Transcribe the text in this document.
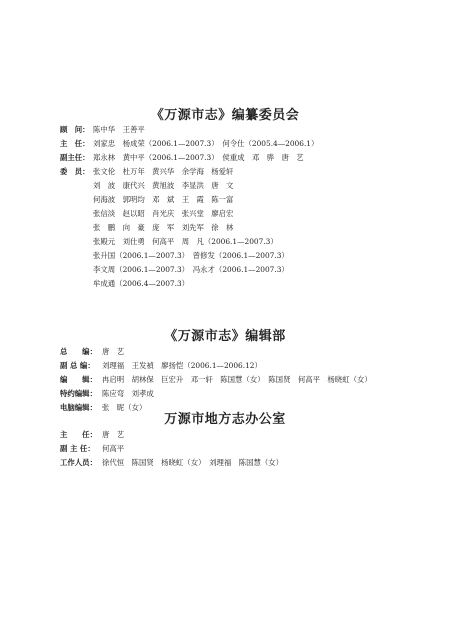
《万源市志》编纂委员会
顾　问： 陈中华　王善平
主　任： 刘家忠　杨成荣（2006.1—2007.3）　何令仕（2005.4—2006.1）
副主任： 郑永林　黄中平（2006.1—2007.3）　侯重成　邓　骅　唐　艺
委　员： 张文伦　杜万年　黄兴华　余学海　杨爱轩
刘　波　康代兴　黄旭波　李显洪　唐　文
何海波　郭明均　邓　斌　王　霞　陈一富
张信淡　赵以昭　肖光庆　张兴堂　廖启宏
张　鹏　向　豪　庞　军　刘先军　徐　林
张殿元　刘仕勇　何高平　周　凡（2006.1—2007.3）
张升国（2006.1—2007.3）　曾修发（2006.1—2007.3）
李文周（2006.1—2007.3）　冯永才（2006.1—2007.3）
牟成通（2006.4—2007.3）
《万源市志》编辑部
总　　编： 唐　艺
副 总 编： 刘理福　王发禎　廖扬恺（2006.1—2006.12）
编　　辑： 冉启明　胡林保　巨宏升　邓一轩　陈国慧（女）　陈国贤　何高平　杨晓虹（女）
特约编辑： 陈应弯　刘孝成
电脑编辑： 张　昵（女）
万源市地方志办公室
主　　任： 唐　艺
副 主 任： 何高平
工作人员： 徐代恒　陈国贤　杨晓虹（女）　刘理福　陈国慧（女）
